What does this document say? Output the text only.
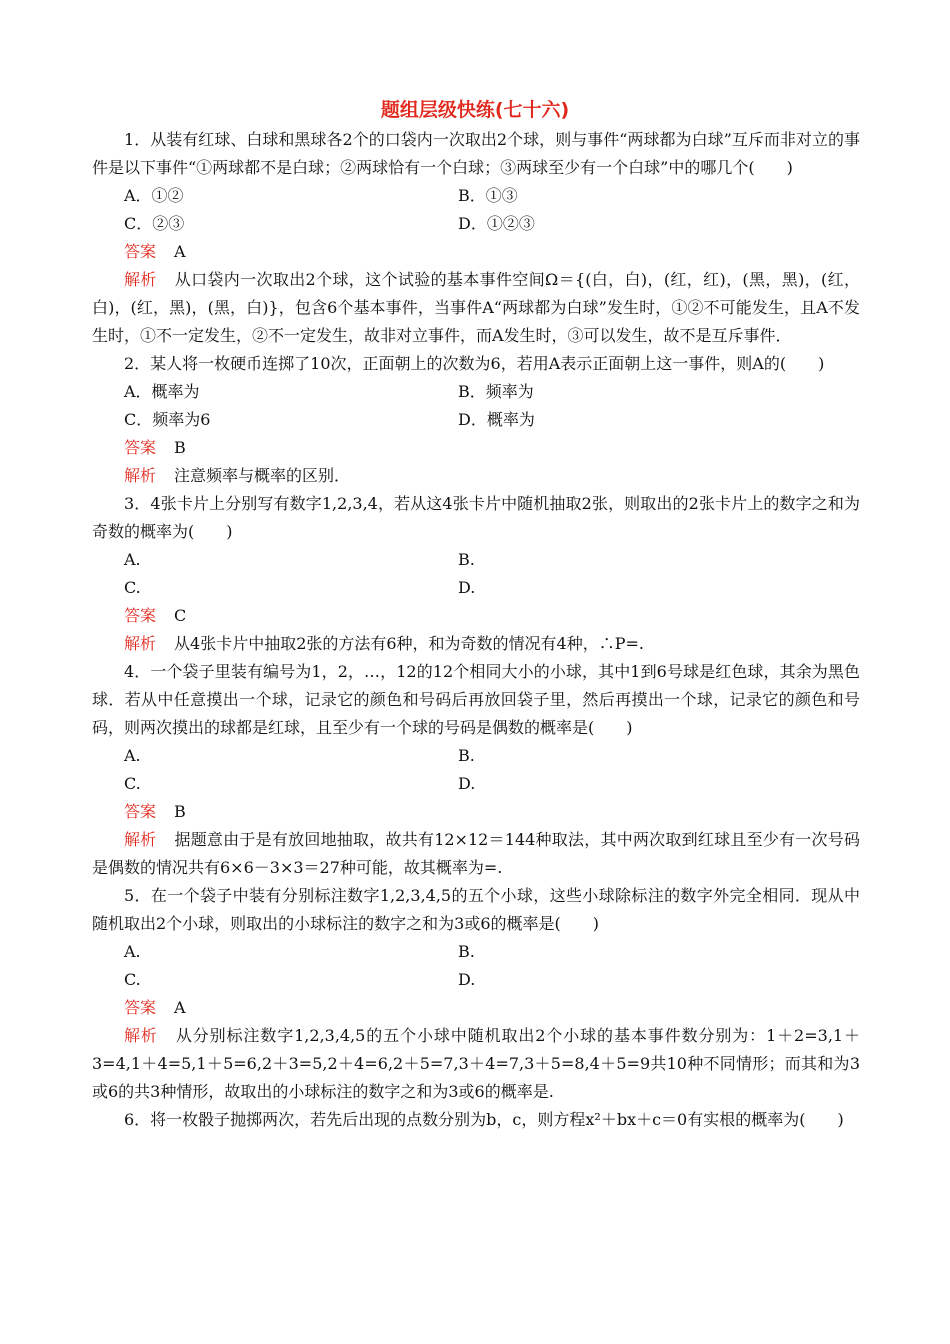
题组层级快练(七十六)

1．从装有红球、白球和黑球各2个的口袋内一次取出2个球，则与事件“两球都为白球”互斥而非对立的事件是以下事件“①两球都不是白球；②两球恰有一个白球；③两球至少有一个白球”中的哪几个(　　)

A．①②	B．①③
C．②③	D．①②③

答案 A

解析 从口袋内一次取出2个球，这个试验的基本事件空间Ω＝{(白，白)，(红，红)，(黑，黑)，(红，白)，(红，黑)，(黑，白)}，包含6个基本事件，当事件A“两球都为白球”发生时，①②不可能发生，且A不发生时，①不一定发生，②不一定发生，故非对立事件，而A发生时，③可以发生，故不是互斥事件．

2．某人将一枚硬币连掷了10次，正面朝上的次数为6，若用A表示正面朝上这一事件，则A的(　　)

A．概率为	B．频率为
C．频率为6	D．概率为

答案 B

解析 注意频率与概率的区别．

3．4张卡片上分别写有数字1,2,3,4，若从这4张卡片中随机抽取2张，则取出的2张卡片上的数字之和为奇数的概率为(　　)

A.	B.
C.	D.

答案 C

解析 从4张卡片中抽取2张的方法有6种，和为奇数的情况有4种，∴P=.

4．一个袋子里装有编号为1，2，…，12的12个相同大小的小球，其中1到6号球是红色球，其余为黑色球．若从中任意摸出一个球，记录它的颜色和号码后再放回袋子里，然后再摸出一个球，记录它的颜色和号码，则两次摸出的球都是红球，且至少有一个球的号码是偶数的概率是(　　)

A.	B.
C.	D.

答案 B

解析 据题意由于是有放回地抽取，故共有12×12＝144种取法，其中两次取到红球且至少有一次号码是偶数的情况共有6×6－3×3＝27种可能，故其概率为=.

5．在一个袋子中装有分别标注数字1,2,3,4,5的五个小球，这些小球除标注的数字外完全相同．现从中随机取出2个小球，则取出的小球标注的数字之和为3或6的概率是(　　)

A.	B.
C.	D.

答案 A

解析 从分别标注数字1,2,3,4,5的五个小球中随机取出2个小球的基本事件数分别为：1＋2=3,1＋3=4,1＋4=5,1＋5=6,2＋3=5,2＋4=6,2＋5=7,3＋4=7,3＋5=8,4＋5=9共10种不同情形；而其和为3或6的共3种情形，故取出的小球标注的数字之和为3或6的概率是.

6．将一枚骰子抛掷两次，若先后出现的点数分别为b，c，则方程x²＋bx＋c＝0有实根的概率为(　　)
